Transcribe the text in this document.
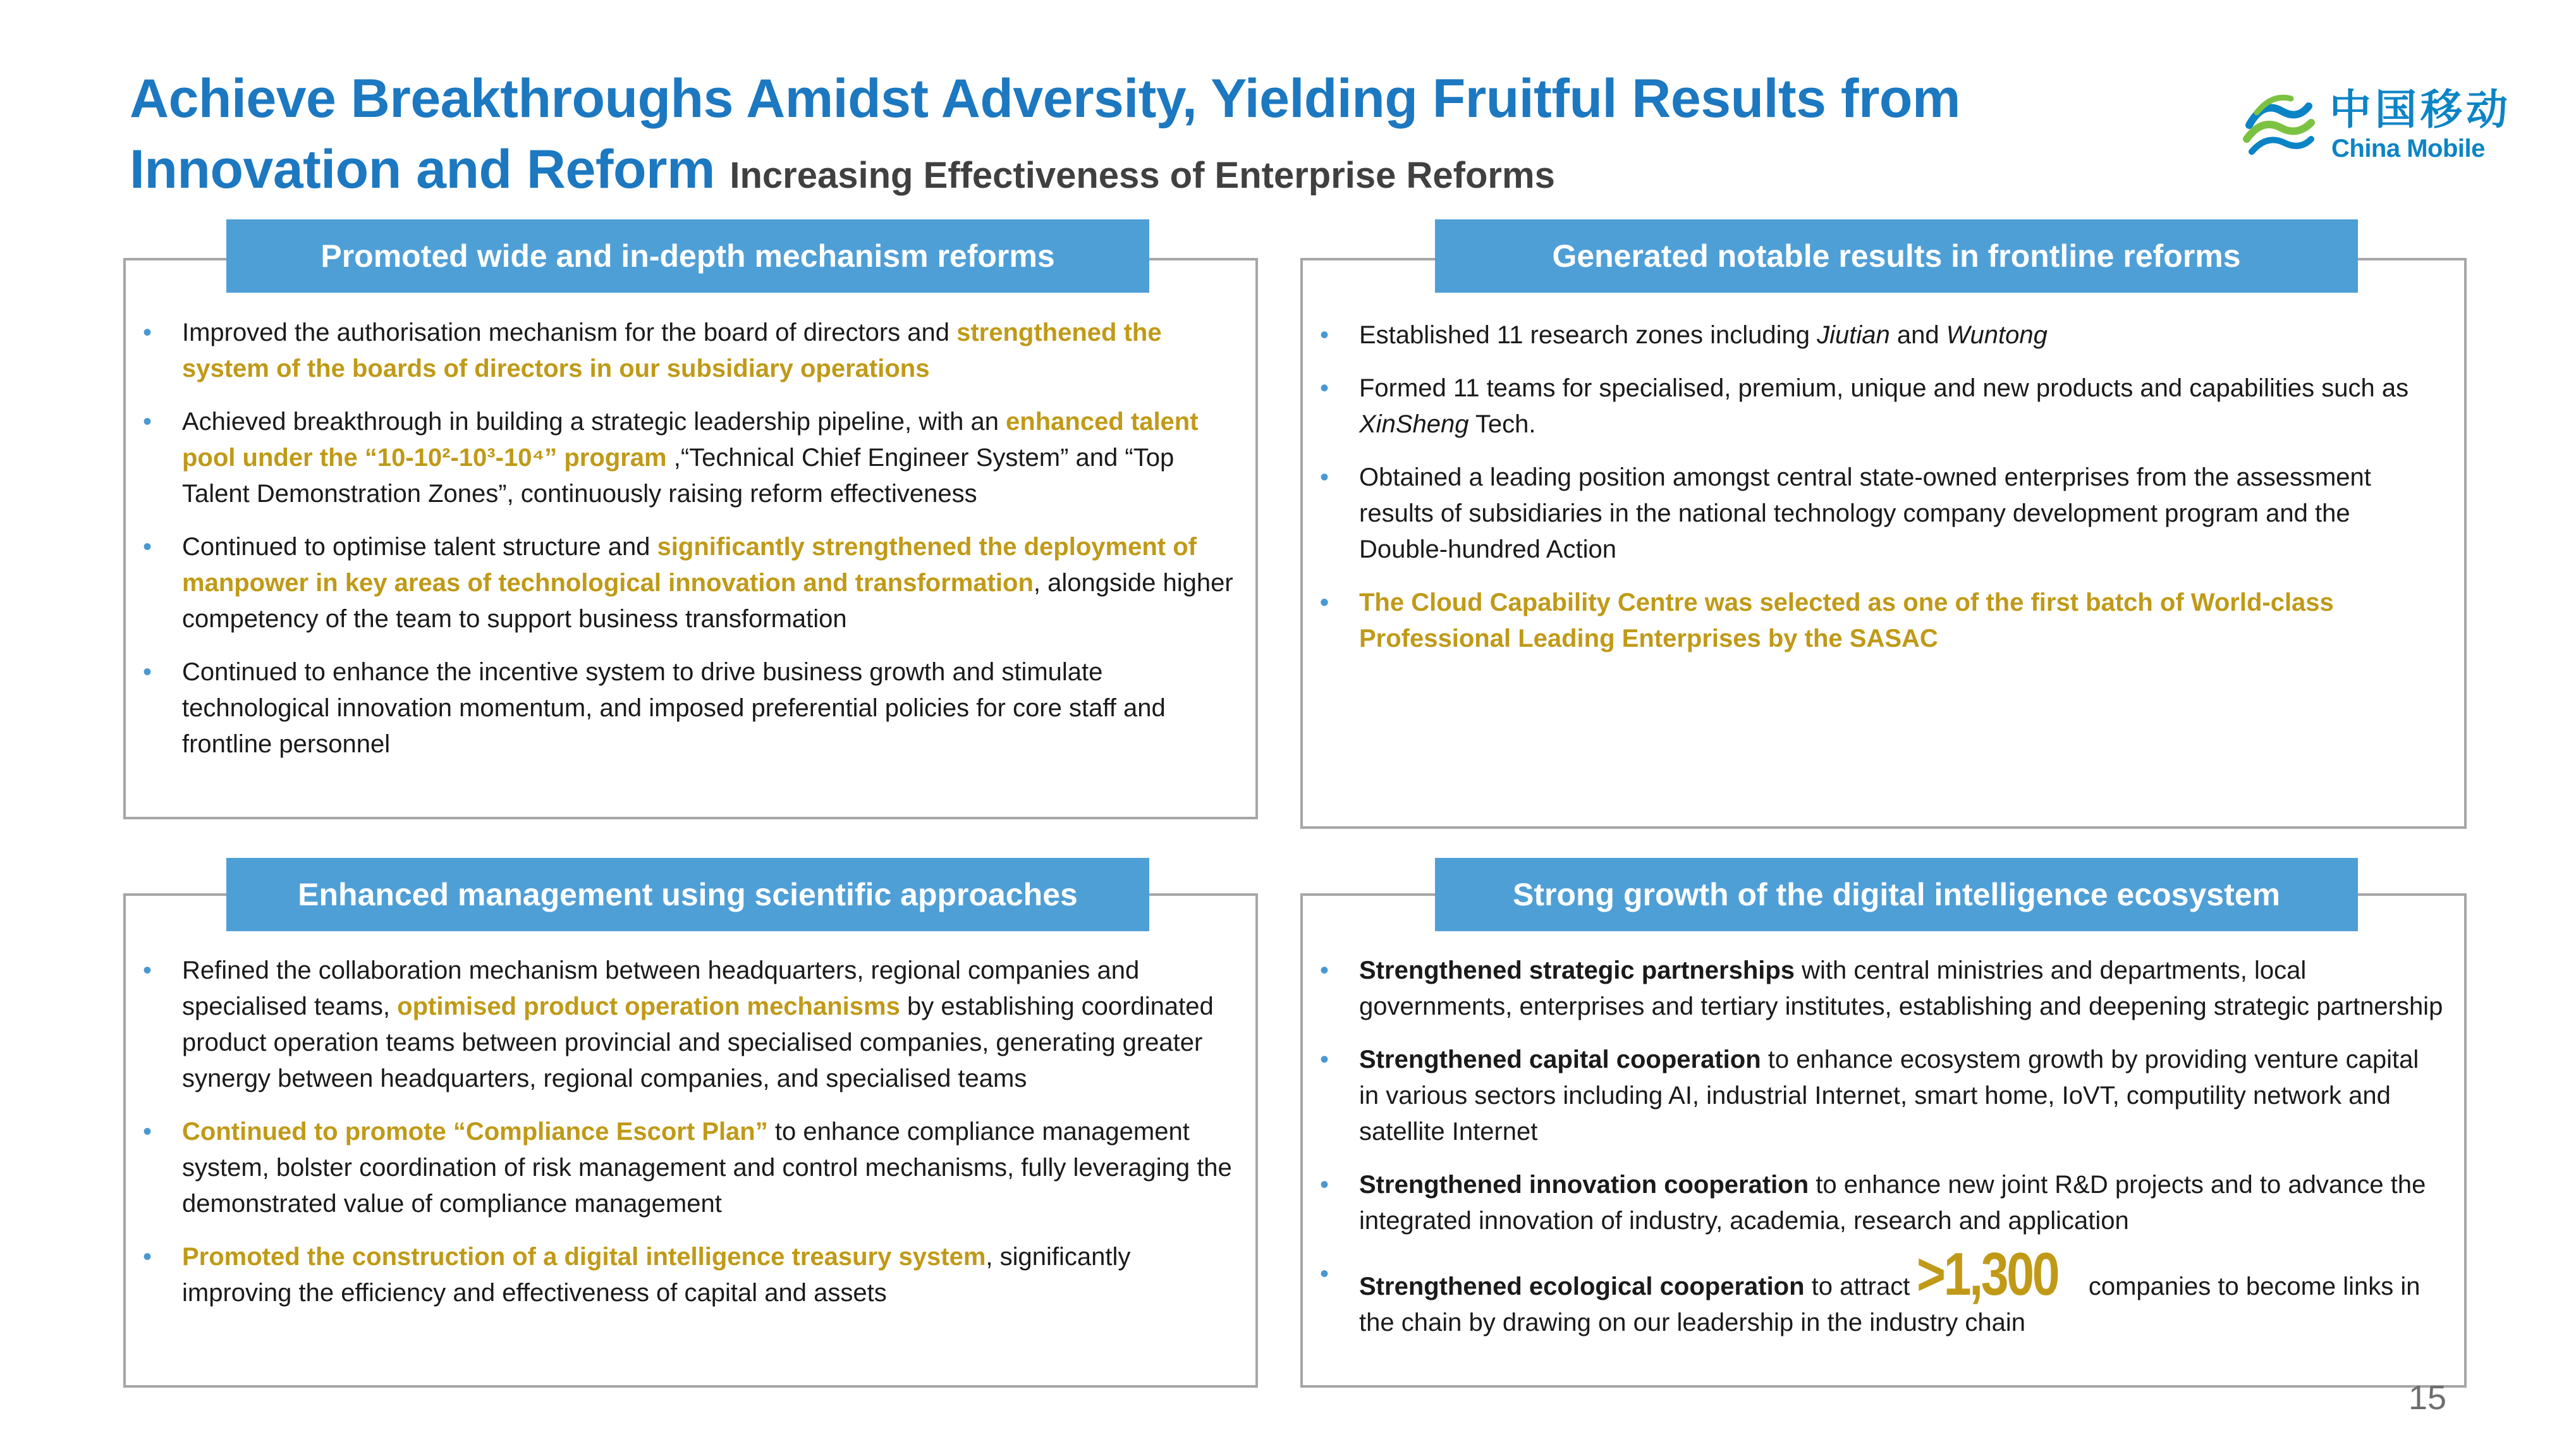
Achieve Breakthroughs Amidst Adversity, Yielding Fruitful Results from Innovation and Reform Increasing Effectiveness of Enterprise Reforms
中国移动
China Mobile
Promoted wide and in-depth mechanism reforms
• Improved the authorisation mechanism for the board of directors and strengthened the system of the boards of directors in our subsidiary operations
• Achieved breakthrough in building a strategic leadership pipeline, with an enhanced talent pool under the “10-10²-10³-10⁴” program ,“Technical Chief Engineer System” and “Top Talent Demonstration Zones”, continuously raising reform effectiveness
• Continued to optimise talent structure and significantly strengthened the deployment of manpower in key areas of technological innovation and transformation, alongside higher competency of the team to support business transformation
• Continued to enhance the incentive system to drive business growth and stimulate technological innovation momentum, and imposed preferential policies for core staff and frontline personnel
Generated notable results in frontline reforms
• Established 11 research zones including Jiutian and Wuntong
• Formed 11 teams for specialised, premium, unique and new products and capabilities such as XinSheng Tech.
• Obtained a leading position amongst central state-owned enterprises from the assessment results of subsidiaries in the national technology company development program and the Double-hundred Action
• The Cloud Capability Centre was selected as one of the first batch of World-class Professional Leading Enterprises by the SASAC
Enhanced management using scientific approaches
• Refined the collaboration mechanism between headquarters, regional companies and specialised teams, optimised product operation mechanisms by establishing coordinated product operation teams between provincial and specialised companies, generating greater synergy between headquarters, regional companies, and specialised teams
• Continued to promote “Compliance Escort Plan” to enhance compliance management system, bolster coordination of risk management and control mechanisms, fully leveraging the demonstrated value of compliance management
• Promoted the construction of a digital intelligence treasury system, significantly improving the efficiency and effectiveness of capital and assets
Strong growth of the digital intelligence ecosystem
• Strengthened strategic partnerships with central ministries and departments, local governments, enterprises and tertiary institutes, establishing and deepening strategic partnership
• Strengthened capital cooperation to enhance ecosystem growth by providing venture capital in various sectors including AI, industrial Internet, smart home, IoVT, computility network and satellite Internet
• Strengthened innovation cooperation to enhance new joint R&D projects and to advance the integrated innovation of industry, academia, research and application
• Strengthened ecological cooperation to attract >1,300 companies to become links in the chain by drawing on our leadership in the industry chain
15
